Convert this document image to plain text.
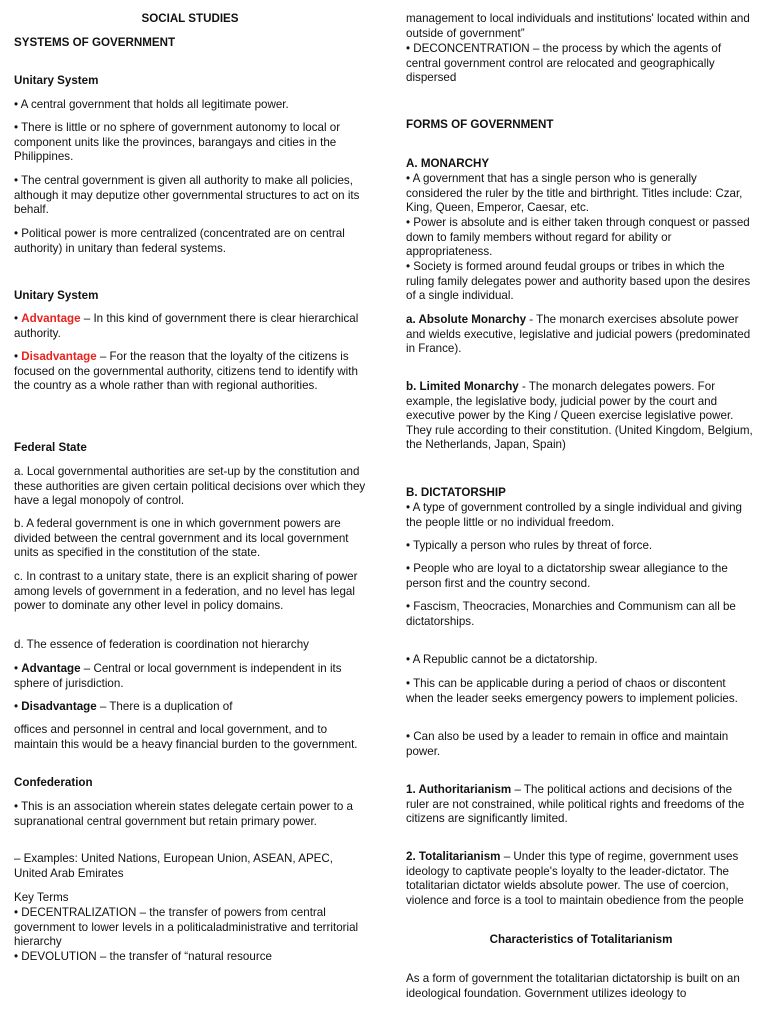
SOCIAL STUDIES

SYSTEMS OF GOVERNMENT

Unitary System

• A central government that holds all legitimate power.

• There is little or no sphere of government autonomy to local or component units like the provinces, barangays and cities in the Philippines.

• The central government is given all authority to make all policies, although it may deputize other governmental structures to act on its behalf.

• Political power is more centralized (concentrated are on central authority) in unitary than federal systems.

Unitary System

• Advantage – In this kind of government there is clear hierarchical authority.

• Disadvantage – For the reason that the loyalty of the citizens is focused on the governmental authority, citizens tend to identify with the country as a whole rather than with regional authorities.

Federal State

a. Local governmental authorities are set-up by the constitution and these authorities are given certain political decisions over which they have a legal monopoly of control.

b. A federal government is one in which government powers are divided between the central government and its local government units as specified in the constitution of the state.

c. In contrast to a unitary state, there is an explicit sharing of power among levels of government in a federation, and no level has legal power to dominate any other level in policy domains.

d. The essence of federation is coordination not hierarchy

• Advantage – Central or local government is independent in its sphere of jurisdiction.

• Disadvantage – There is a duplication of

offices and personnel in central and local government, and to maintain this would be a heavy financial burden to the government.

Confederation

• This is an association wherein states delegate certain power to a supranational central government but retain primary power.

– Examples: United Nations, European Union, ASEAN, APEC, United Arab Emirates

Key Terms

• DECENTRALIZATION – the transfer of powers from central government to lower levels in a politicaladministrative and territorial hierarchy

• DEVOLUTION – the transfer of “natural resource

management to local individuals and institutions' located within and outside of government”

• DECONCENTRATION – the process by which the agents of central government control are relocated and geographically dispersed

FORMS OF GOVERNMENT

A. MONARCHY

• A government that has a single person who is generally considered the ruler by the title and birthright. Titles include: Czar, King, Queen, Emperor, Caesar, etc.

• Power is absolute and is either taken through conquest or passed down to family members without regard for ability or appropriateness.

• Society is formed around feudal groups or tribes in which the ruling family delegates power and authority based upon the desires of a single individual.

a. Absolute Monarchy - The monarch exercises absolute power and wields executive, legislative and judicial powers (predominated in France).

b. Limited Monarchy - The monarch delegates powers. For example, the legislative body, judicial power by the court and executive power by the King / Queen exercise legislative power. They rule according to their constitution. (United Kingdom, Belgium, the Netherlands, Japan, Spain)

B. DICTATORSHIP

• A type of government controlled by a single individual and giving the people little or no individual freedom.

• Typically a person who rules by threat of force.

• People who are loyal to a dictatorship swear allegiance to the person first and the country second.

• Fascism, Theocracies, Monarchies and Communism can all be dictatorships.

• A Republic cannot be a dictatorship.

• This can be applicable during a period of chaos or discontent when the leader seeks emergency powers to implement policies.

• Can also be used by a leader to remain in office and maintain power.

1. Authoritarianism – The political actions and decisions of the ruler are not constrained, while political rights and freedoms of the citizens are significantly limited.

2. Totalitarianism – Under this type of regime, government uses ideology to captivate people's loyalty to the leader-dictator. The totalitarian dictator wields absolute power. The use of coercion, violence and force is a tool to maintain obedience from the people

Characteristics of Totalitarianism

As a form of government the totalitarian dictatorship is built on an ideological foundation. Government utilizes ideology to
